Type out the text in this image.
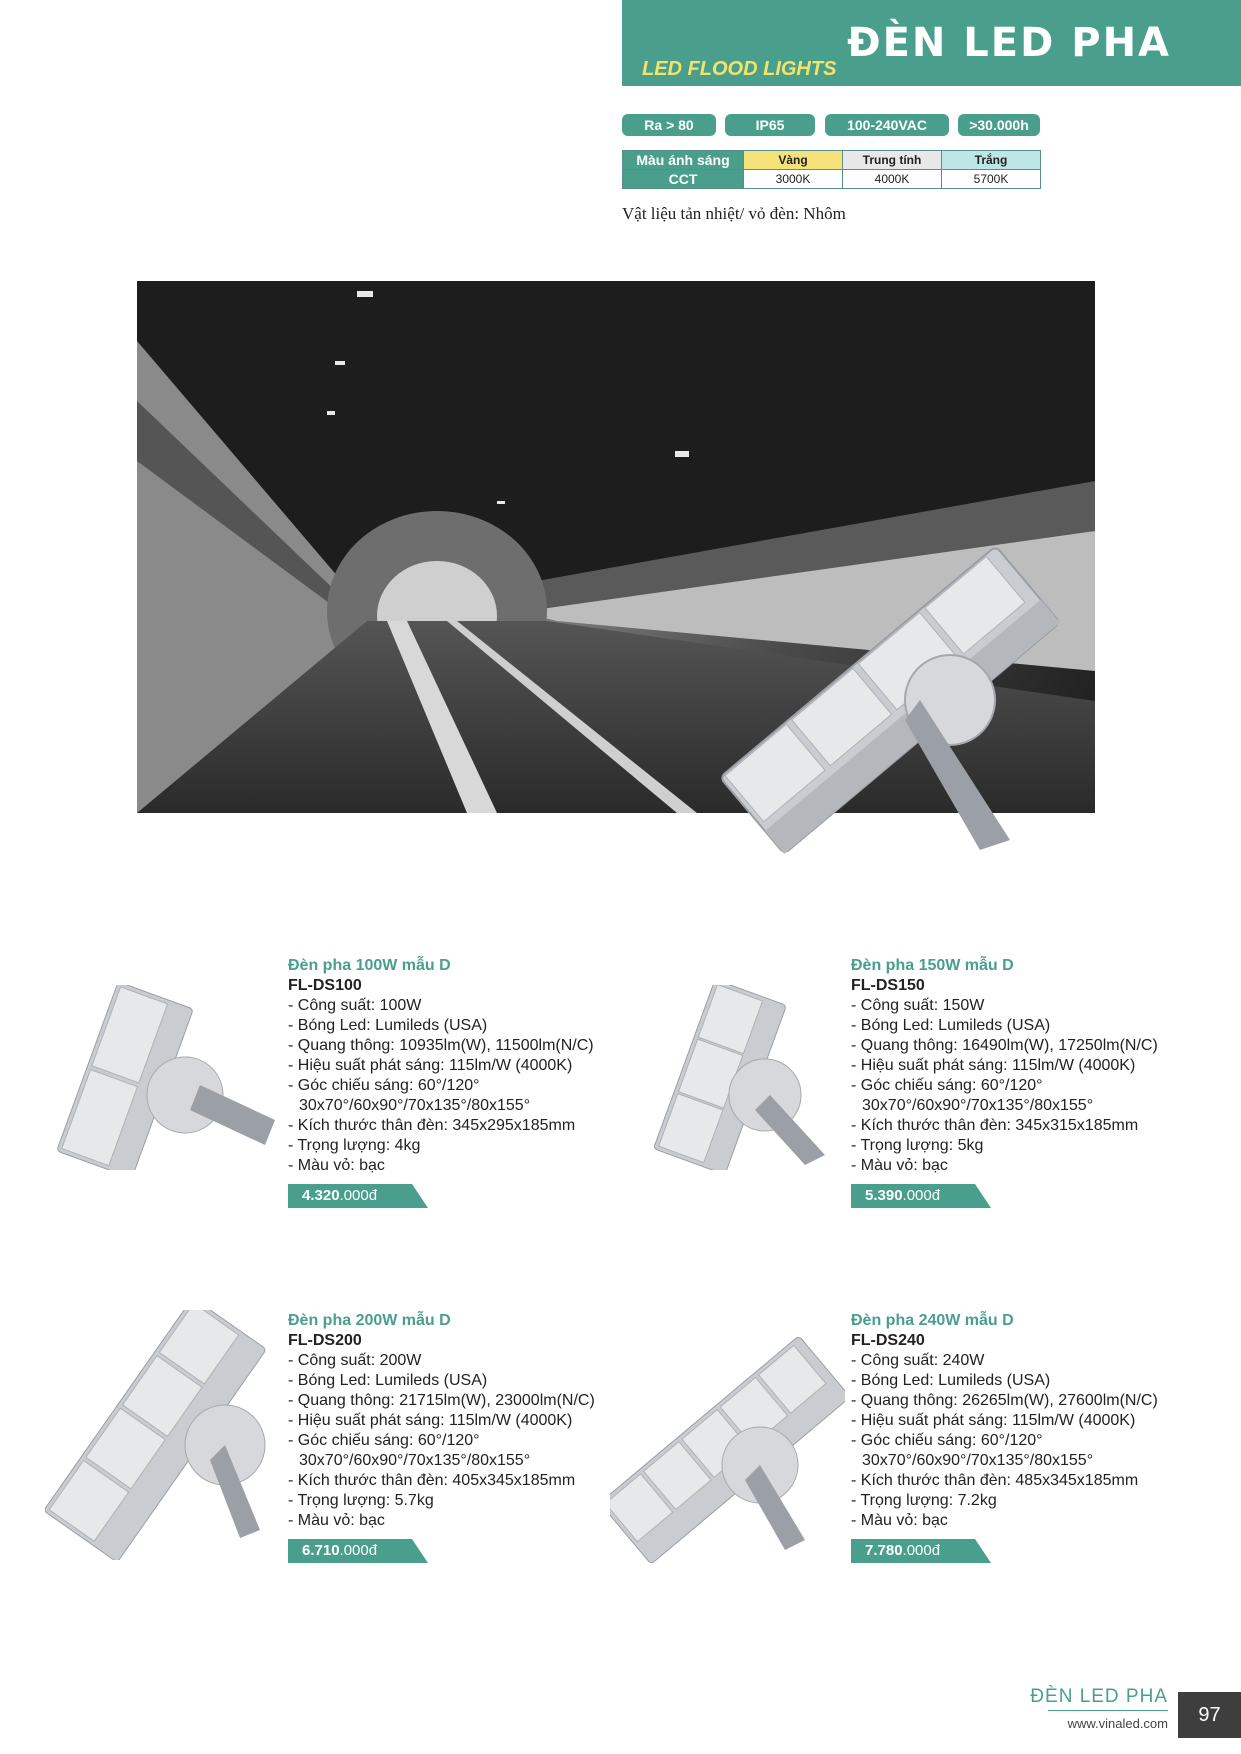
ĐÈN LED PHA
LED FLOOD LIGHTS
Ra > 80	IP65	100-240VAC	>30.000h
Màu ánh sáng	Vàng	Trung tính	Trắng
CCT	3000K	4000K	5700K
Vật liệu tản nhiệt/ vỏ đèn: Nhôm
Đèn pha 100W mẫu D
FL-DS100
- Công suất: 100W
- Bóng Led: Lumileds (USA)
- Quang thông: 10935lm(W), 11500lm(N/C)
- Hiệu suất phát sáng: 115lm/W (4000K)
- Góc chiếu sáng: 60°/120°
30x70°/60x90°/70x135°/80x155°
- Kích thước thân đèn: 345x295x185mm
- Trọng lượng: 4kg
- Màu vỏ: bạc
4.320.000đ
Đèn pha 150W mẫu D
FL-DS150
- Công suất: 150W
- Bóng Led: Lumileds (USA)
- Quang thông: 16490lm(W), 17250lm(N/C)
- Hiệu suất phát sáng: 115lm/W (4000K)
- Góc chiếu sáng: 60°/120°
30x70°/60x90°/70x135°/80x155°
- Kích thước thân đèn: 345x315x185mm
- Trọng lượng: 5kg
- Màu vỏ: bạc
5.390.000đ
Đèn pha 200W mẫu D
FL-DS200
- Công suất: 200W
- Bóng Led: Lumileds (USA)
- Quang thông: 21715lm(W), 23000lm(N/C)
- Hiệu suất phát sáng: 115lm/W (4000K)
- Góc chiếu sáng: 60°/120°
30x70°/60x90°/70x135°/80x155°
- Kích thước thân đèn: 405x345x185mm
- Trọng lượng: 5.7kg
- Màu vỏ: bạc
6.710.000đ
Đèn pha 240W mẫu D
FL-DS240
- Công suất: 240W
- Bóng Led: Lumileds (USA)
- Quang thông: 26265lm(W), 27600lm(N/C)
- Hiệu suất phát sáng: 115lm/W (4000K)
- Góc chiếu sáng: 60°/120°
30x70°/60x90°/70x135°/80x155°
- Kích thước thân đèn: 485x345x185mm
- Trọng lượng: 7.2kg
- Màu vỏ: bạc
7.780.000đ
ĐÈN LED PHA
www.vinaled.com	97
